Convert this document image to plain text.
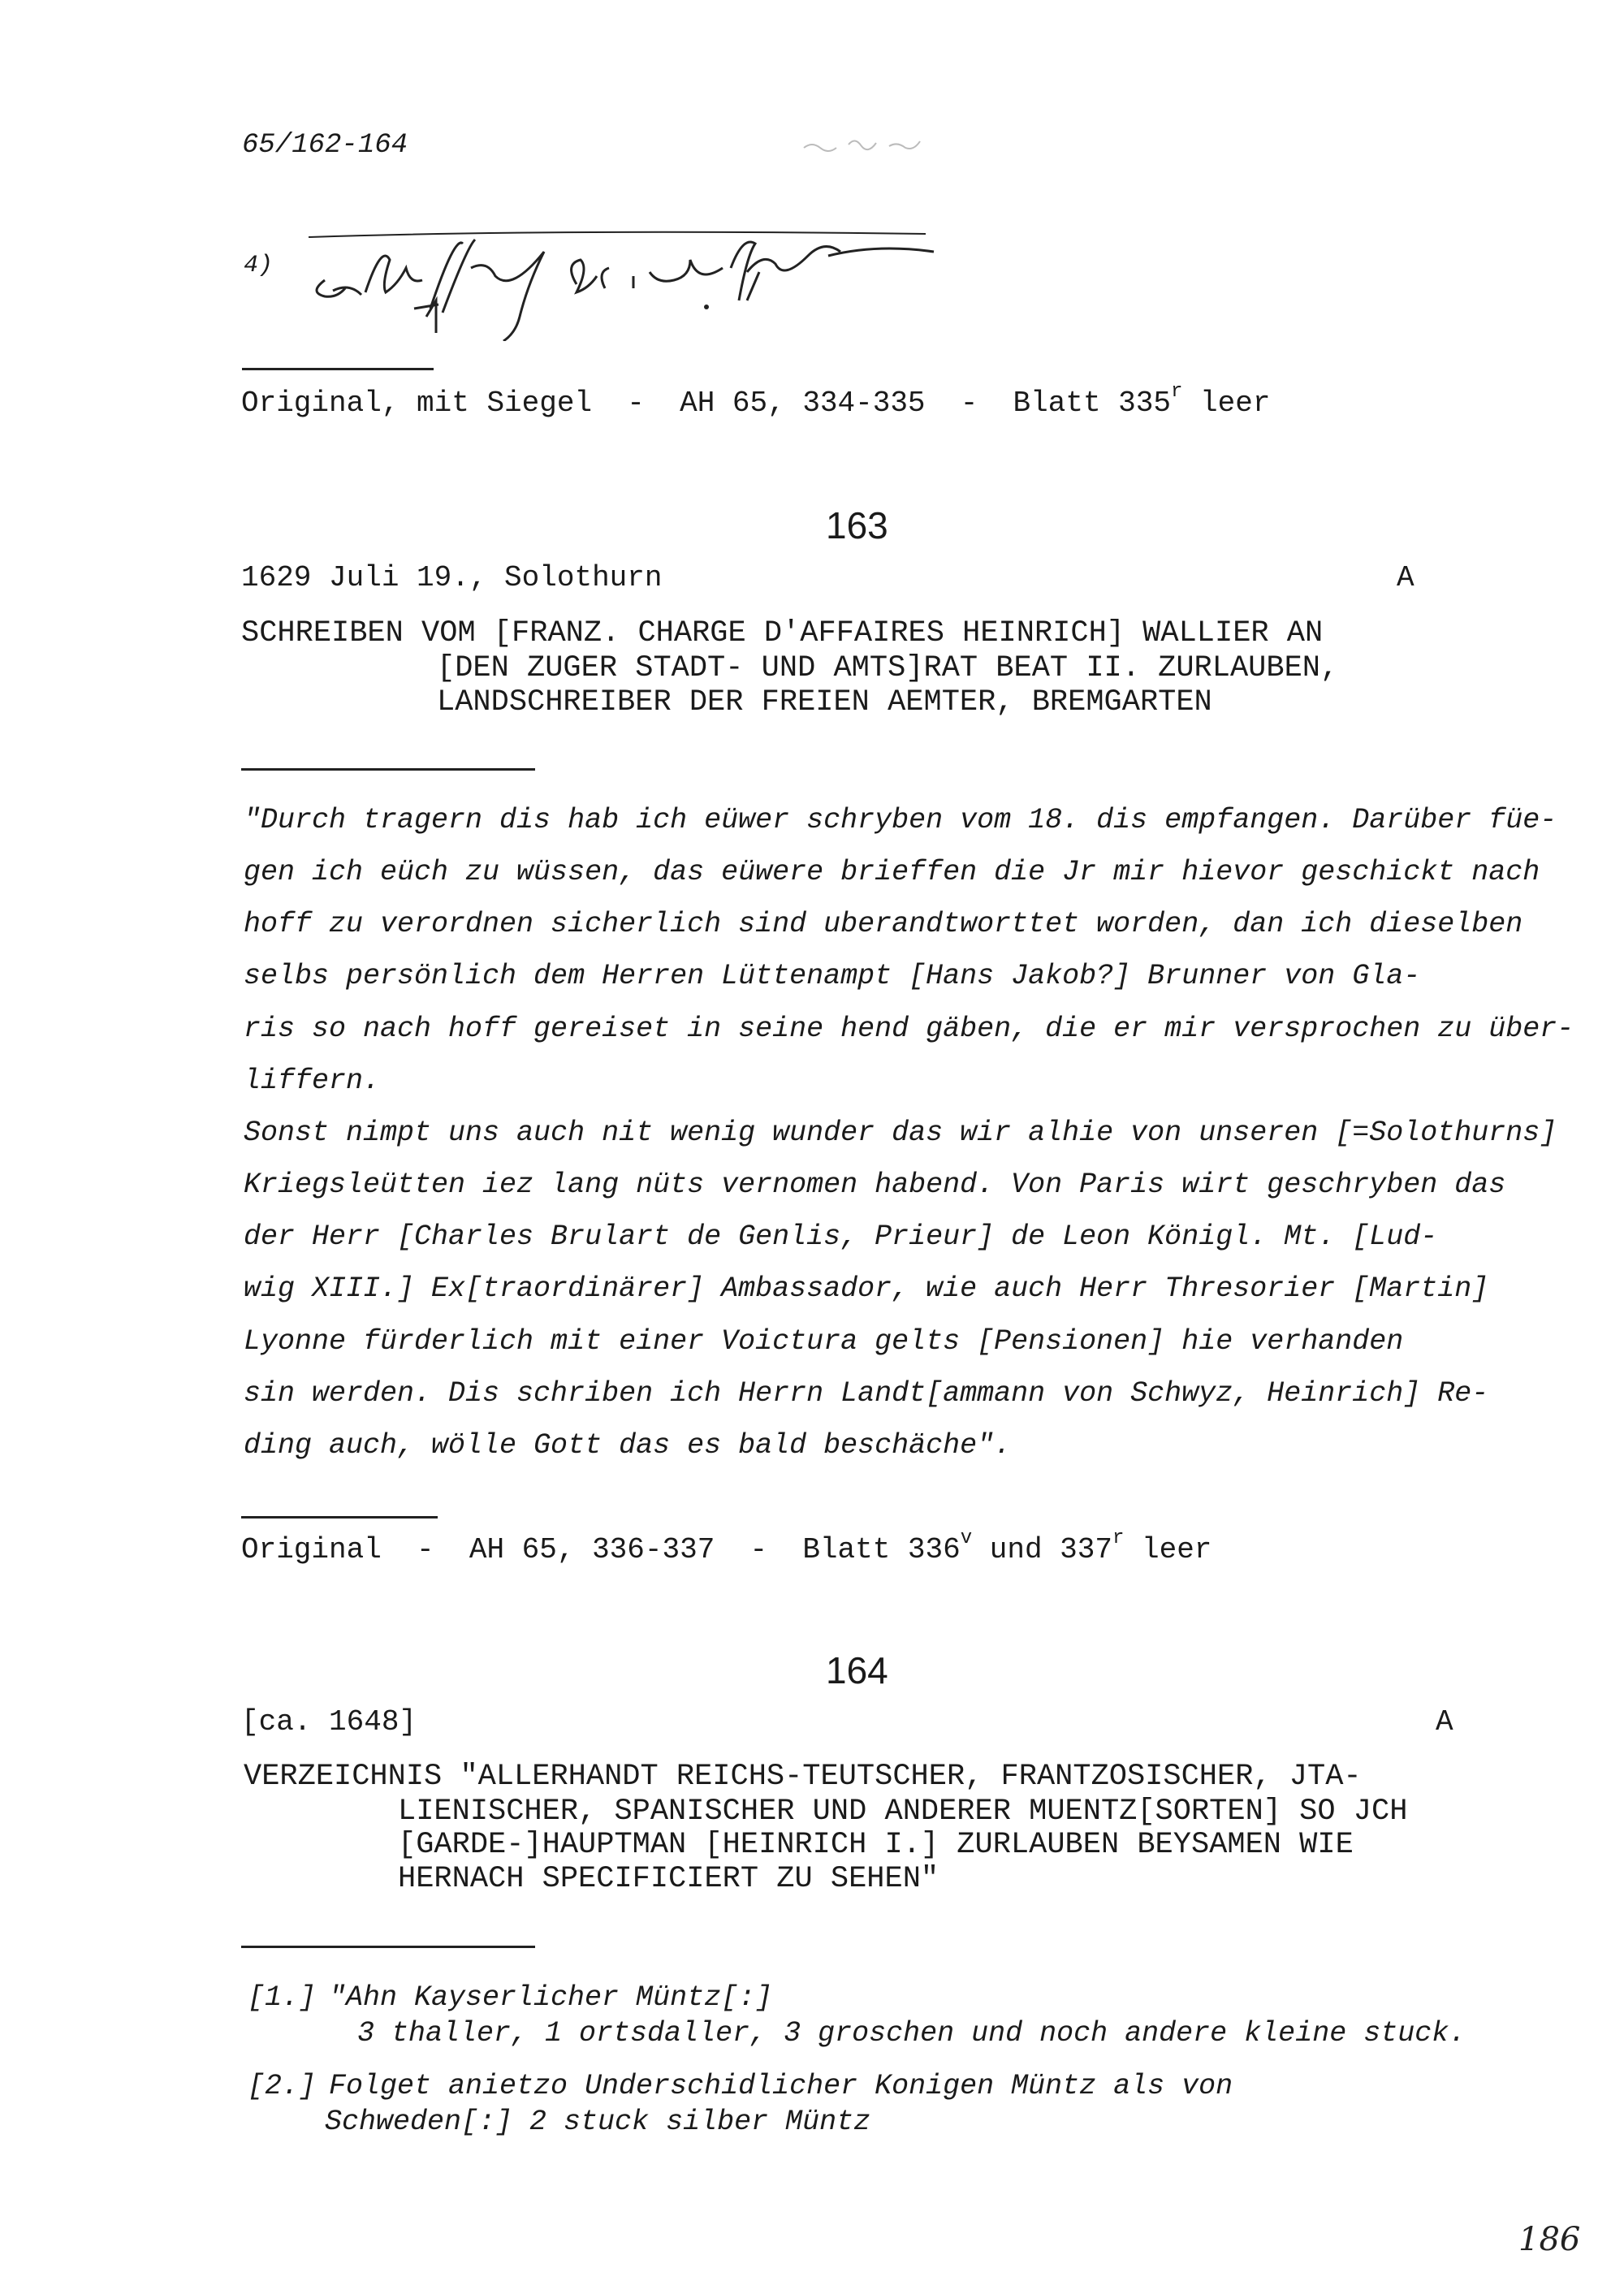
65/162-164
4)
Original, mit Siegel  -  AH 65, 334-335  -  Blatt 335$^r$ leer
163
1629 Juli 19., Solothurn	A
SCHREIBEN VOM [FRANZ. CHARGE D'AFFAIRES HEINRICH] WALLIER AN
[DEN ZUGER STADT- UND AMTS]RAT BEAT II. ZURLAUBEN,
LANDSCHREIBER DER FREIEN AEMTER, BREMGARTEN
"Durch tragern dis hab ich eüwer schryben vom 18. dis empfangen. Darüber füe-
gen ich eüch zu wüssen, das eüwere brieffen die Jr mir hievor geschickt nach
hoff zu verordnen sicherlich sind uberandtworttet worden, dan ich dieselben
selbs persönlich dem Herren Lüttenampt [Hans Jakob?] Brunner von Gla-
ris so nach hoff gereiset in seine hend gäben, die er mir versprochen zu über-
liffern.
Sonst nimpt uns auch nit wenig wunder das wir alhie von unseren [=Solothurns]
Kriegsleütten iez lang nüts vernomen habend. Von Paris wirt geschryben das
der Herr [Charles Brulart de Genlis, Prieur] de Leon Königl. Mt. [Lud-
wig XIII.] Ex[traordinärer] Ambassador, wie auch Herr Thresorier [Martin]
Lyonne fürderlich mit einer Voictura gelts [Pensionen] hie verhanden
sin werden. Dis schriben ich Herrn Landt[ammann von Schwyz, Heinrich] Re-
ding auch, wölle Gott das es bald beschäche".
Original  -  AH 65, 336-337  -  Blatt 336$^v$ und 337$^r$ leer
164
[ca. 1648]	A
VERZEICHNIS "ALLERHANDT REICHS-TEUTSCHER, FRANTZOSISCHER, JTA-
LIENISCHER, SPANISCHER UND ANDERER MUENTZ[SORTEN] SO JCH
[GARDE-]HAUPTMAN [HEINRICH I.] ZURLAUBEN BEYSAMEN WIE
HERNACH SPECIFICIERT ZU SEHEN"
[1.] "Ahn Kayserlicher Müntz[:]
3 thaller, 1 ortsdaller, 3 groschen und noch andere kleine stuck.
[2.] Folget anietzo Underschidlicher Konigen Müntz als von
Schweden[:] 2 stuck silber Müntz
186
